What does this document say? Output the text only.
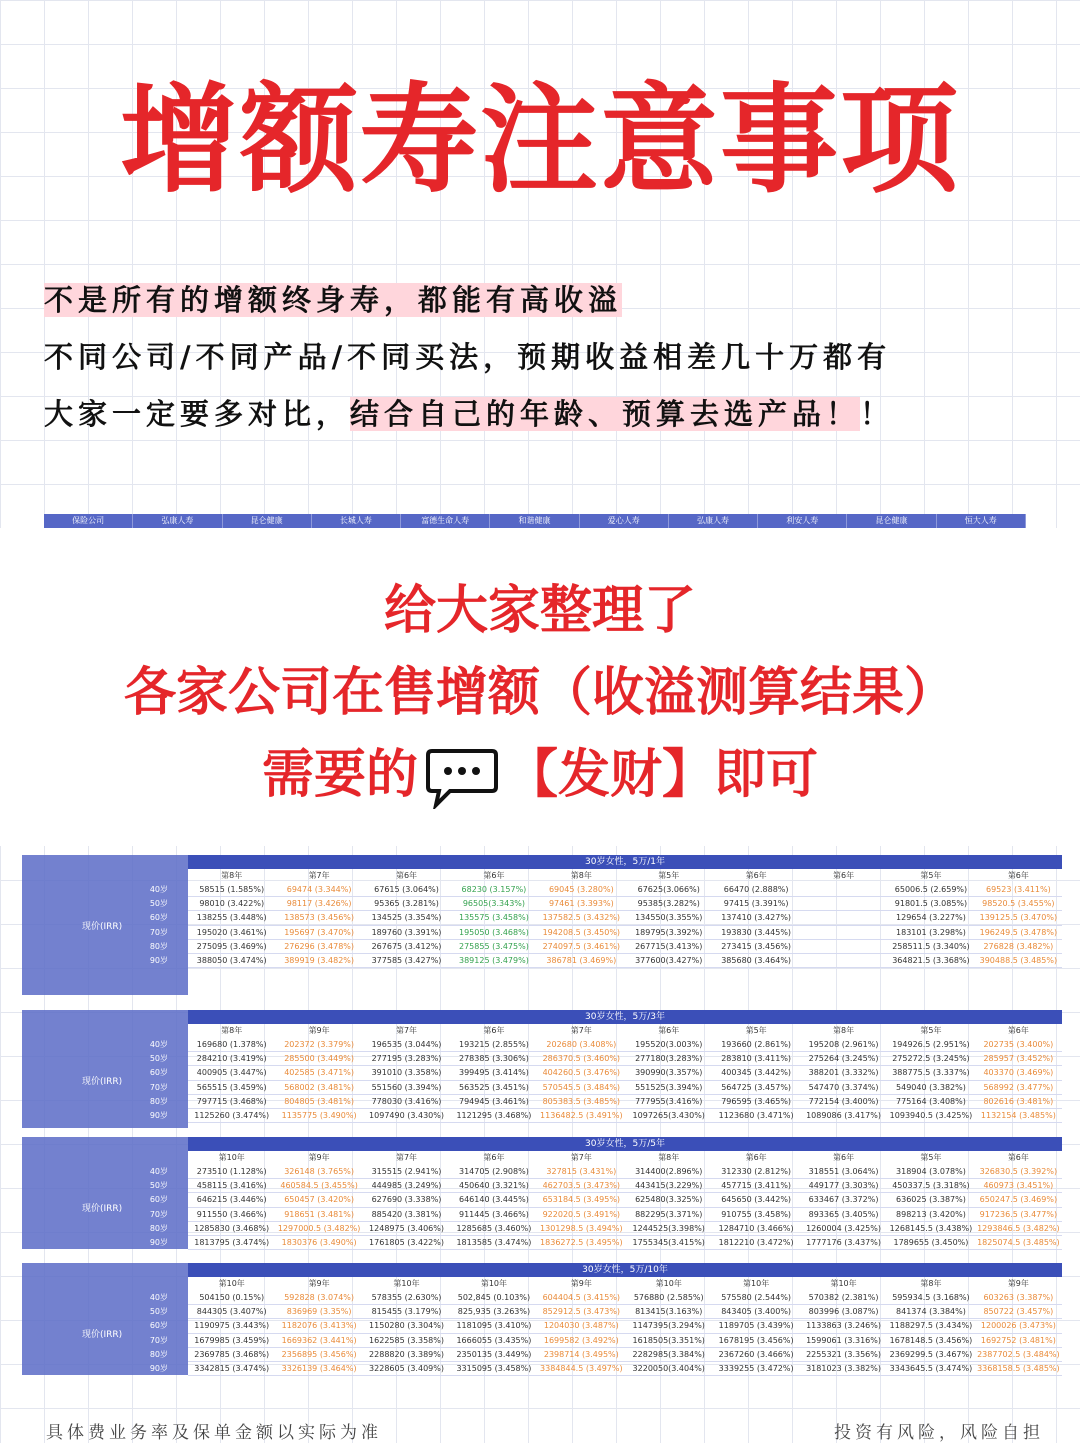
增额寿注意事项
不是所有的增额终身寿，都能有高收溢
不同公司/不同产品/不同买法，预期收益相差几十万都有
大家一定要多对比，结合自己的年龄、预算去选产品！！
保险公司	弘康人寿	昆仑健康	长城人寿	富德生命人寿	和谐健康	爱心人寿	弘康人寿	利安人寿	昆仑健康	恒大人寿
给大家整理了
各家公司在售增额（收溢测算结果）
需要的 【发财】即可
30岁女性，5万/1年
第8年	第7年	第6年	第6年	第8年	第5年	第6年	第6年	第5年	第6年
现价(IRR)
40岁	58515 (1.585%)	69474 (3.344%)	67615 (3.064%)	68230 (3.157%)	69045 (3.280%)	67625(3.066%)	66470 (2.888%)	65006.5 (2.659%)	69523 (3.411%)
50岁	98010 (3.422%)	98117 (3.426%)	95365 (3.281%)	96505(3.343%)	97461 (3.393%)	95385(3.282%)	97415 (3.391%)	91801.5 (3.085%)	98520.5 (3.455%)
60岁	138255 (3.448%)	138573 (3.456%)	134525 (3.354%)	135575 (3.458%)	137582.5 (3.432%)	134550(3.355%)	137410 (3.427%)	129654 (3.227%)	139125.5 (3.470%)
70岁	195020 (3.461%)	195697 (3.470%)	189760 (3.391%)	195050 (3.468%)	194208.5 (3.450%)	189795(3.392%)	193830 (3.445%)	183101 (3.298%)	196249.5 (3.478%)
80岁	275095 (3.469%)	276296 (3.478%)	267675 (3.412%)	275855 (3.475%)	274097.5 (3.461%)	267715(3.413%)	273415 (3.456%)	258511.5 (3.340%)	276828 (3.482%)
90岁	388050 (3.474%)	389919 (3.482%)	377585 (3.427%)	389125 (3.479%)	386781 (3.469%)	377600(3.427%)	385680 (3.464%)	364821.5 (3.368%)	390488.5 (3.485%)
30岁女性，5万/3年
第8年	第9年	第7年	第6年	第7年	第6年	第5年	第8年	第5年	第6年
现价(IRR)
40岁	169680 (1.378%)	202372 (3.379%)	196535 (3.044%)	193215 (2.855%)	202680 (3.408%)	195520(3.003%)	193660 (2.861%)	195208 (2.961%)	194926.5 (2.951%)	202735 (3.400%)
50岁	284210 (3.419%)	285500 (3.449%)	277195 (3.283%)	278385 (3.306%)	286370.5 (3.460%)	277180(3.283%)	283810 (3.411%)	275264 (3.245%)	275272.5 (3.245%)	285957 (3.452%)
60岁	400905 (3.447%)	402585 (3.471%)	391010 (3.358%)	399495 (3.414%)	404260.5 (3.476%)	390990(3.357%)	400345 (3.442%)	388201 (3.332%)	388775.5 (3.337%)	403370 (3.469%)
70岁	565515 (3.459%)	568002 (3.481%)	551560 (3.394%)	563525 (3.451%)	570545.5 (3.484%)	551525(3.394%)	564725 (3.457%)	547470 (3.374%)	549040 (3.382%)	568992 (3.477%)
80岁	797715 (3.468%)	804805 (3.481%)	778030 (3.416%)	794945 (3.461%)	805383.5 (3.485%)	777955(3.416%)	796595 (3.465%)	772154 (3.400%)	775164 (3.408%)	802616 (3.481%)
90岁	1125260 (3.474%)	1135775 (3.490%)	1097490 (3.430%)	1121295 (3.468%)	1136482.5 (3.491%)	1097265(3.430%)	1123680 (3.471%)	1089086 (3.417%)	1093940.5 (3.425%)	1132154 (3.485%)
30岁女性，5万/5年
第10年	第9年	第7年	第6年	第7年	第8年	第6年	第6年	第5年	第6年
现价(IRR)
40岁	273510 (1.128%)	326148 (3.765%)	315515 (2.941%)	314705 (2.908%)	327815 (3.431%)	314400(2.896%)	312330 (2.812%)	318551 (3.064%)	318904 (3.078%)	326830.5 (3.392%)
50岁	458115 (3.416%)	460584.5 (3.455%)	444985 (3.249%)	450640 (3.321%)	462703.5 (3.473%)	443415(3.229%)	457715 (3.411%)	449177 (3.303%)	450337.5 (3.318%)	460973 (3.451%)
60岁	646215 (3.446%)	650457 (3.420%)	627690 (3.338%)	646140 (3.445%)	653184.5 (3.495%)	625480(3.325%)	645650 (3.442%)	633467 (3.372%)	636025 (3.387%)	650247.5 (3.469%)
70岁	911550 (3.466%)	918651 (3.481%)	885420 (3.381%)	911445 (3.466%)	922020.5 (3.491%)	882295(3.371%)	910755 (3.458%)	893365 (3.405%)	898213 (3.420%)	917236.5 (3.477%)
80岁	1285830 (3.468%)	1297000.5 (3.482%)	1248975 (3.406%)	1285685 (3.460%)	1301298.5 (3.494%)	1244525(3.398%)	1284710 (3.466%)	1260004 (3.425%)	1268145.5 (3.438%) 1293846.5 (3.482%)
90岁	1813795 (3.474%)	1830376 (3.490%)	1761805 (3.422%)	1813585 (3.474%)	1836272.5 (3.495%)	1755345(3.415%)	1812210 (3.472%)	1777176 (3.437%)	1789655 (3.450%)	1825074.5 (3.485%)
30岁女性，5万/10年
第10年	第9年	第10年	第10年	第9年	第10年	第10年	第10年	第8年	第9年
现价(IRR)
40岁	504150 (0.15%)	592828 (3.074%)	578355 (2.630%)	502,845 (0.103%)	604404.5 (3.415%)	576880 (2.585%)	575580 (2.544%)	570382 (2.381%)	595934.5 (3.168%)	603263 (3.387%)
50岁	844305 (3.407%)	836969 (3.35%)	815455 (3.179%)	825,935 (3.263%)	852912.5 (3.473%)	813415(3.163%)	843405 (3.400%)	803996 (3.087%)	841374 (3.384%)	850722 (3.457%)
60岁	1190975 (3.443%)	1182076 (3.413%)	1150280 (3.304%)	1181095 (3.410%)	1204030 (3.487%)	1147395(3.294%)	1189705 (3.439%)	1133863 (3.246%)	1188297.5 (3.434%)	1200026 (3.473%)
70岁	1679985 (3.459%)	1669362 (3.441%)	1622585 (3.358%)	1666055 (3.435%)	1699582 (3.492%)	1618505(3.351%)	1678195 (3.456%)	1599061 (3.316%)	1678148.5 (3.456%)	1692752 (3.481%)
80岁	2369785 (3.468%)	2356895 (3.456%)	2288820 (3.389%)	2350135 (3.449%)	2398714 (3.495%)	2282985(3.384%)	2367260 (3.466%)	2255321 (3.356%)	2369299.5 (3.467%) 2387702.5 (3.484%)
90岁	3342815 (3.474%)	3326139 (3.464%)	3228605 (3.409%)	3315095 (3.458%)	3384844.5 (3.497%)	3220050(3.404%)	3339255 (3.472%)	3181023 (3.382%)	3343645.5 (3.474%) 3368158.5 (3.485%)
具体费业务率及保单金额以实际为准	投资有风险，风险自担
